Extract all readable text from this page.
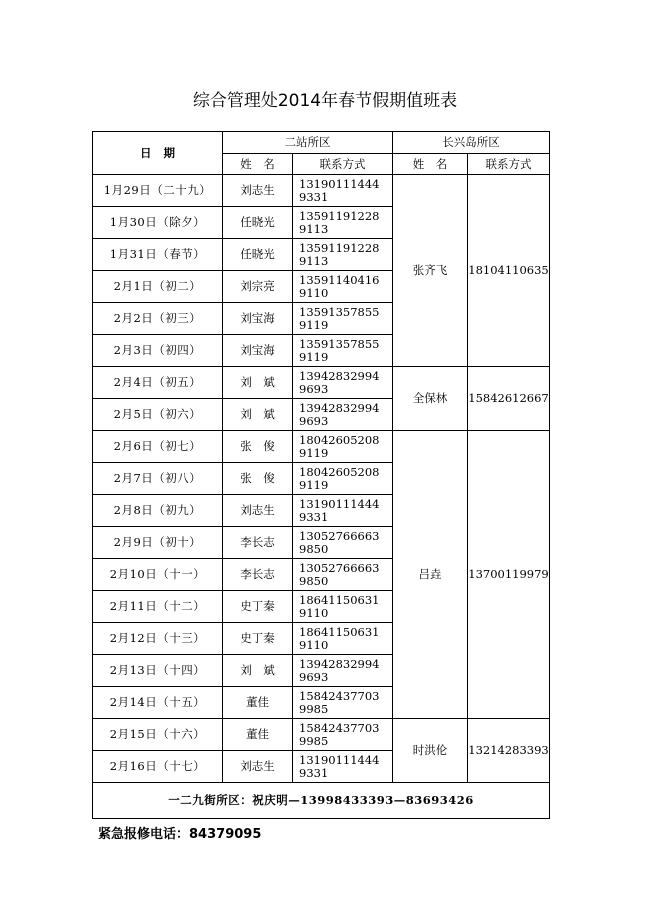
综合管理处2014年春节假期值班表
日期	二站所区		长兴岛所区	
	姓　名	联系方式	姓　名	联系方式
1月29日（二十九）	刘志生	13190111444 9331	张齐飞	18104110635
1月30日（除夕）	任晓光	13591191228 9113		
1月31日（春节）	任晓光	13591191228 9113		
2月1日（初二）	刘宗亮	13591140416 9110		
2月2日（初三）	刘宝海	13591357855 9119		
2月3日（初四）	刘宝海	13591357855 9119		
2月4日（初五）	刘　斌	13942832994 9693	全保林	15842612667
2月5日（初六）	刘　斌	13942832994 9693		
2月6日（初七）	张　俊	18042605208 9119	吕垚	13700119979
2月7日（初八）	张　俊	18042605208 9119		
2月8日（初九）	刘志生	13190111444 9331		
2月9日（初十）	李长志	13052766663 9850		
2月10日（十一）	李长志	13052766663 9850		
2月11日（十二）	史丁秦	18641150631 9110		
2月12日（十三）	史丁秦	18641150631 9110		
2月13日（十四）	刘　斌	13942832994 9693		
2月14日（十五）	董佳	15842437703 9985		
2月15日（十六）	董佳	15842437703 9985	时洪伦	13214283393
2月16日（十七）	刘志生	13190111444 9331		
一二九街所区：祝庆明—13998433393—83693426				
紧急报修电话：84379095
